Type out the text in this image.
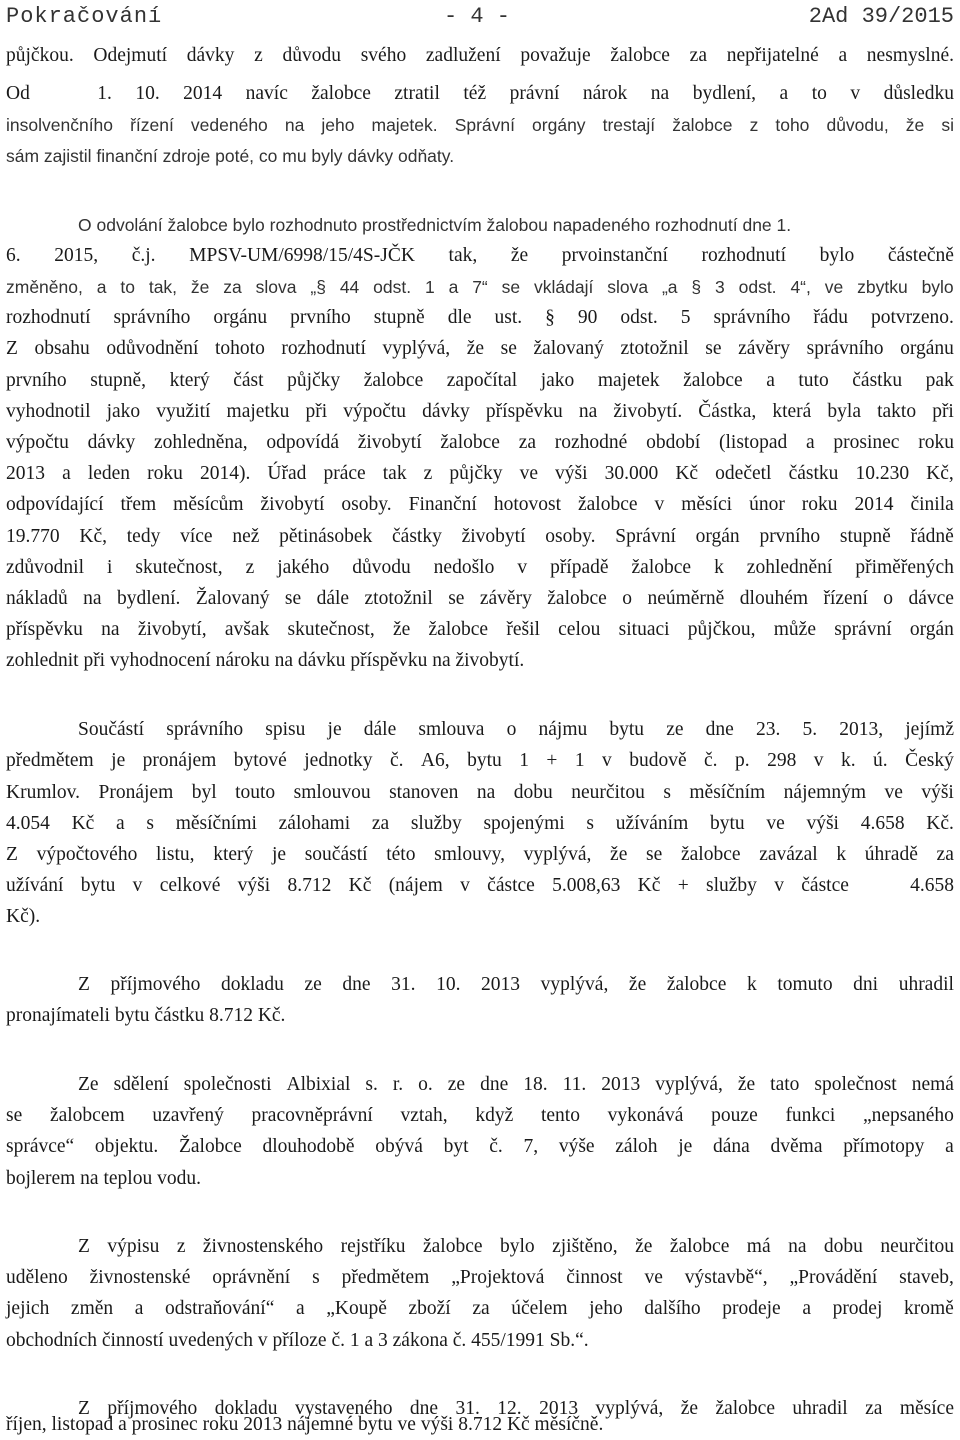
Pokračování	- 4 -	2Ad 39/2015
půjčkou. Odejmutí dávky z důvodu svého zadlužení považuje žalobce za nepřijatelné a nesmyslné.
Od 1. 10. 2014 navíc žalobce ztratil též právní nárok na bydlení, a to v důsledku
insolvenčního řízení vedeného na jeho majetek. Správní orgány trestají žalobce z toho důvodu, že si
sám zajistil finanční zdroje poté, co mu byly dávky odňaty.
O odvolání žalobce bylo rozhodnuto prostřednictvím žalobou napadeného rozhodnutí dne 1.
6. 2015, č.j. MPSV-UM/6998/15/4S-JČK tak, že prvoinstanční rozhodnutí bylo částečně
změněno, a to tak, že za slova „§ 44 odst. 1 a 7“ se vkládají slova „a § 3 odst. 4“, ve zbytku bylo
rozhodnutí správního orgánu prvního stupně dle ust. § 90 odst. 5 správního řádu potvrzeno.
Z obsahu odůvodnění tohoto rozhodnutí vyplývá, že se žalovaný ztotožnil se závěry správního orgánu
prvního stupně, který část půjčky žalobce započítal jako majetek žalobce a tuto částku pak
vyhodnotil jako využití majetku při výpočtu dávky příspěvku na živobytí. Částka, která byla takto při
výpočtu dávky zohledněna, odpovídá živobytí žalobce za rozhodné období (listopad a prosinec roku
2013 a leden roku 2014). Úřad práce tak z půjčky ve výši 30.000 Kč odečetl částku 10.230 Kč,
odpovídající třem měsícům živobytí osoby. Finanční hotovost žalobce v měsíci únor roku 2014 činila
19.770 Kč, tedy více než pětinásobek částky živobytí osoby. Správní orgán prvního stupně řádně
zdůvodnil i skutečnost, z jakého důvodu nedošlo v případě žalobce k zohlednění přiměřených
nákladů na bydlení. Žalovaný se dále ztotožnil se závěry žalobce o neúměrně dlouhém řízení o dávce
příspěvku na živobytí, avšak skutečnost, že žalobce řešil celou situaci půjčkou, může správní orgán
zohlednit při vyhodnocení nároku na dávku příspěvku na živobytí.
Součástí správního spisu je dále smlouva o nájmu bytu ze dne 23. 5. 2013, jejímž
předmětem je pronájem bytové jednotky č. A6, bytu 1 + 1 v budově č. p. 298 v k. ú. Český
Krumlov. Pronájem byl touto smlouvou stanoven na dobu neurčitou s měsíčním nájemným ve výši
4.054 Kč a s měsíčními zálohami za služby spojenými s užíváním bytu ve výši 4.658 Kč.
Z výpočtového listu, který je součástí této smlouvy, vyplývá, že se žalobce zavázal k úhradě za
užívání bytu v celkové výši 8.712 Kč (nájem v částce 5.008,63 Kč + služby v částce 4.658
Kč).
Z příjmového dokladu ze dne 31. 10. 2013 vyplývá, že žalobce k tomuto dni uhradil
pronajímateli bytu částku 8.712 Kč.
Ze sdělení společnosti Albixial s. r. o. ze dne 18. 11. 2013 vyplývá, že tato společnost nemá
se žalobcem uzavřený pracovněprávní vztah, když tento vykonává pouze funkci „nepsaného
správce“ objektu. Žalobce dlouhodobě obývá byt č. 7, výše záloh je dána dvěma přímotopy a
bojlerem na teplou vodu.
Z výpisu z živnostenského rejstříku žalobce bylo zjištěno, že žalobce má na dobu neurčitou
uděleno živnostenské oprávnění s předmětem „Projektová činnost ve výstavbě“, „Provádění staveb,
jejich změn a odstraňování“ a „Koupě zboží za účelem jeho dalšího prodeje a prodej kromě
obchodních činností uvedených v příloze č. 1 a 3 zákona č. 455/1991 Sb.“.
Z příjmového dokladu vystaveného dne 31. 12. 2013 vyplývá, že žalobce uhradil za měsíce
říjen, listopad a prosinec roku 2013 nájemné bytu ve výši 8.712 Kč měsíčně.
